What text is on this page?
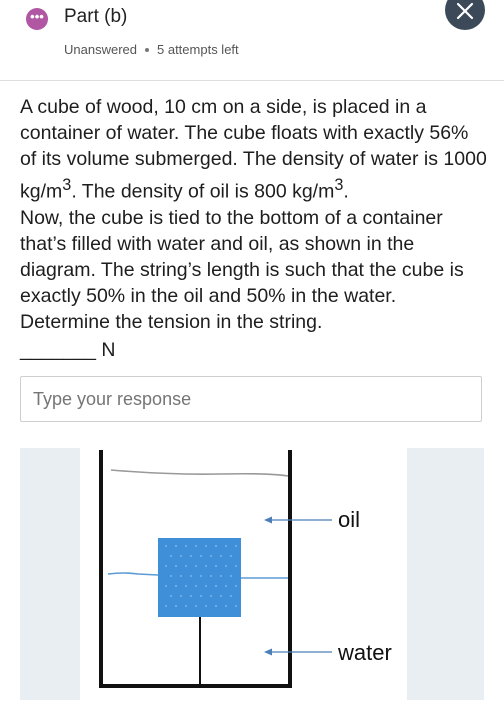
••• Part (b)
Unanswered 5 attempts left

A cube of wood, 10 cm on a side, is placed in a container of water. The cube floats with exactly 56% of its volume submerged. The density of water is 1000 $kg/m^3$. The density of oil is 800 $kg/m^3$.

Now, the cube is tied to the bottom of a container that’s filled with water and oil, as shown in the diagram. The string’s length is such that the cube is exactly 50% in the oil and 50% in the water. Determine the tension in the string.

_______ N
Type your response
oil
water
